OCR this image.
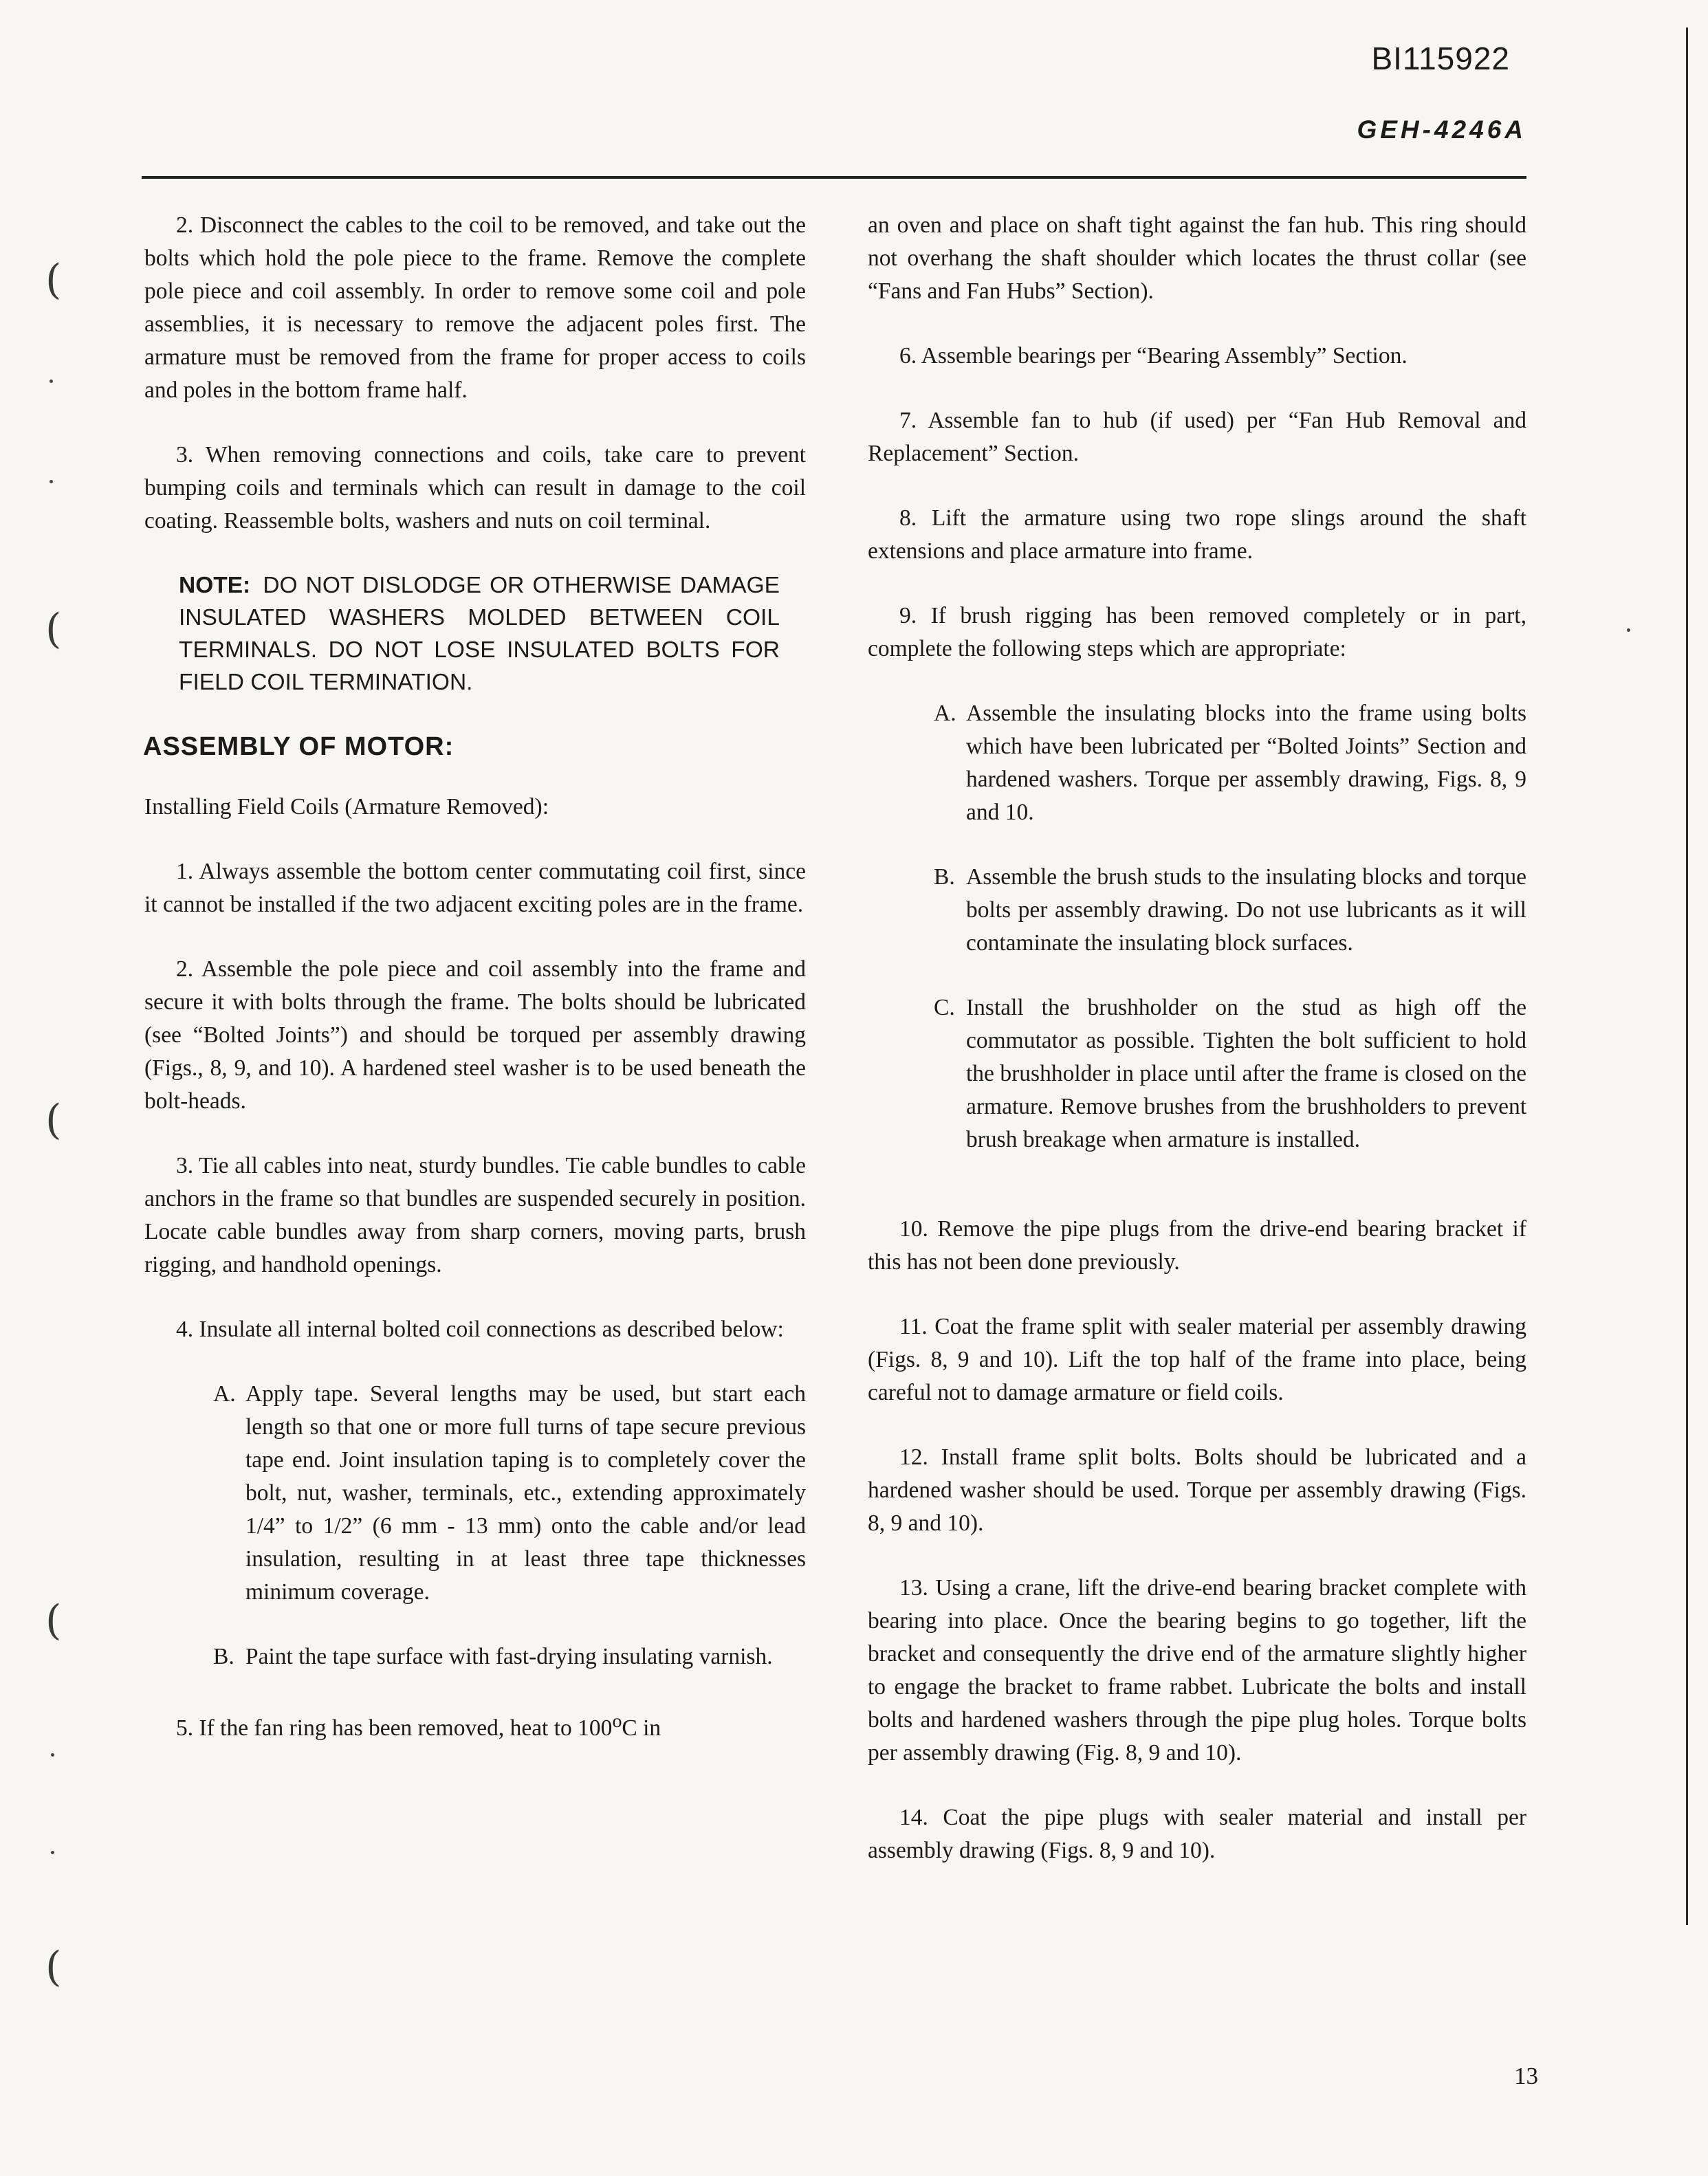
BI115922
GEH-4246A
(
(
(
(
(

2. Disconnect the cables to the coil to be removed, and take out the bolts which hold the pole piece to the frame. Remove the complete pole piece and coil assembly. In order to remove some coil and pole assemblies, it is necessary to remove the adjacent poles first. The armature must be removed from the frame for proper access to coils and poles in the bottom frame half.

3. When removing connections and coils, take care to prevent bumping coils and terminals which can result in damage to the coil coating. Reassemble bolts, washers and nuts on coil terminal.

NOTE: DO NOT DISLODGE OR OTHERWISE DAMAGE INSULATED WASHERS MOLDED BETWEEN COIL TERMINALS. DO NOT LOSE INSULATED BOLTS FOR FIELD COIL TERMINATION.

ASSEMBLY OF MOTOR:

Installing Field Coils (Armature Removed):

1. Always assemble the bottom center commutating coil first, since it cannot be installed if the two adjacent exciting poles are in the frame.

2. Assemble the pole piece and coil assembly into the frame and secure it with bolts through the frame. The bolts should be lubricated (see “Bolted Joints”) and should be torqued per assembly drawing (Figs., 8, 9, and 10). A hardened steel washer is to be used beneath the bolt-heads.

3. Tie all cables into neat, sturdy bundles. Tie cable bundles to cable anchors in the frame so that bundles are suspended securely in position. Locate cable bundles away from sharp corners, moving parts, brush rigging, and handhold openings.

4. Insulate all internal bolted coil connections as described below:

A. Apply tape. Several lengths may be used, but start each length so that one or more full turns of tape secure previous tape end. Joint insulation taping is to completely cover the bolt, nut, washer, terminals, etc., extending approximately 1/4” to 1/2” (6 mm - 13 mm) onto the cable and/or lead insulation, resulting in at least three tape thicknesses minimum coverage.
B. Paint the tape surface with fast-drying insulating varnish.

5. If the fan ring has been removed, heat to 100$^o$C in

an oven and place on shaft tight against the fan hub. This ring should not overhang the shaft shoulder which locates the thrust collar (see “Fans and Fan Hubs” Section).

6. Assemble bearings per “Bearing Assembly” Section.

7. Assemble fan to hub (if used) per “Fan Hub Removal and Replacement” Section.

8. Lift the armature using two rope slings around the shaft extensions and place armature into frame.

9. If brush rigging has been removed completely or in part, complete the following steps which are appropriate:

A. Assemble the insulating blocks into the frame using bolts which have been lubricated per “Bolted Joints” Section and hardened washers. Torque per assembly drawing, Figs. 8, 9 and 10.
B. Assemble the brush studs to the insulating blocks and torque bolts per assembly drawing. Do not use lubricants as it will contaminate the insulating block surfaces.
C. Install the brushholder on the stud as high off the commutator as possible. Tighten the bolt sufficient to hold the brushholder in place until after the frame is closed on the armature. Remove brushes from the brushholders to prevent brush breakage when armature is installed.

10. Remove the pipe plugs from the drive-end bearing bracket if this has not been done previously.

11. Coat the frame split with sealer material per assembly drawing (Figs. 8, 9 and 10). Lift the top half of the frame into place, being careful not to damage armature or field coils.

12. Install frame split bolts. Bolts should be lubricated and a hardened washer should be used. Torque per assembly drawing (Figs. 8, 9 and 10).

13. Using a crane, lift the drive-end bearing bracket complete with bearing into place. Once the bearing begins to go together, lift the bracket and consequently the drive end of the armature slightly higher to engage the bracket to frame rabbet. Lubricate the bolts and install bolts and hardened washers through the pipe plug holes. Torque bolts per assembly drawing (Fig. 8, 9 and 10).

14. Coat the pipe plugs with sealer material and install per assembly drawing (Figs. 8, 9 and 10).

13
